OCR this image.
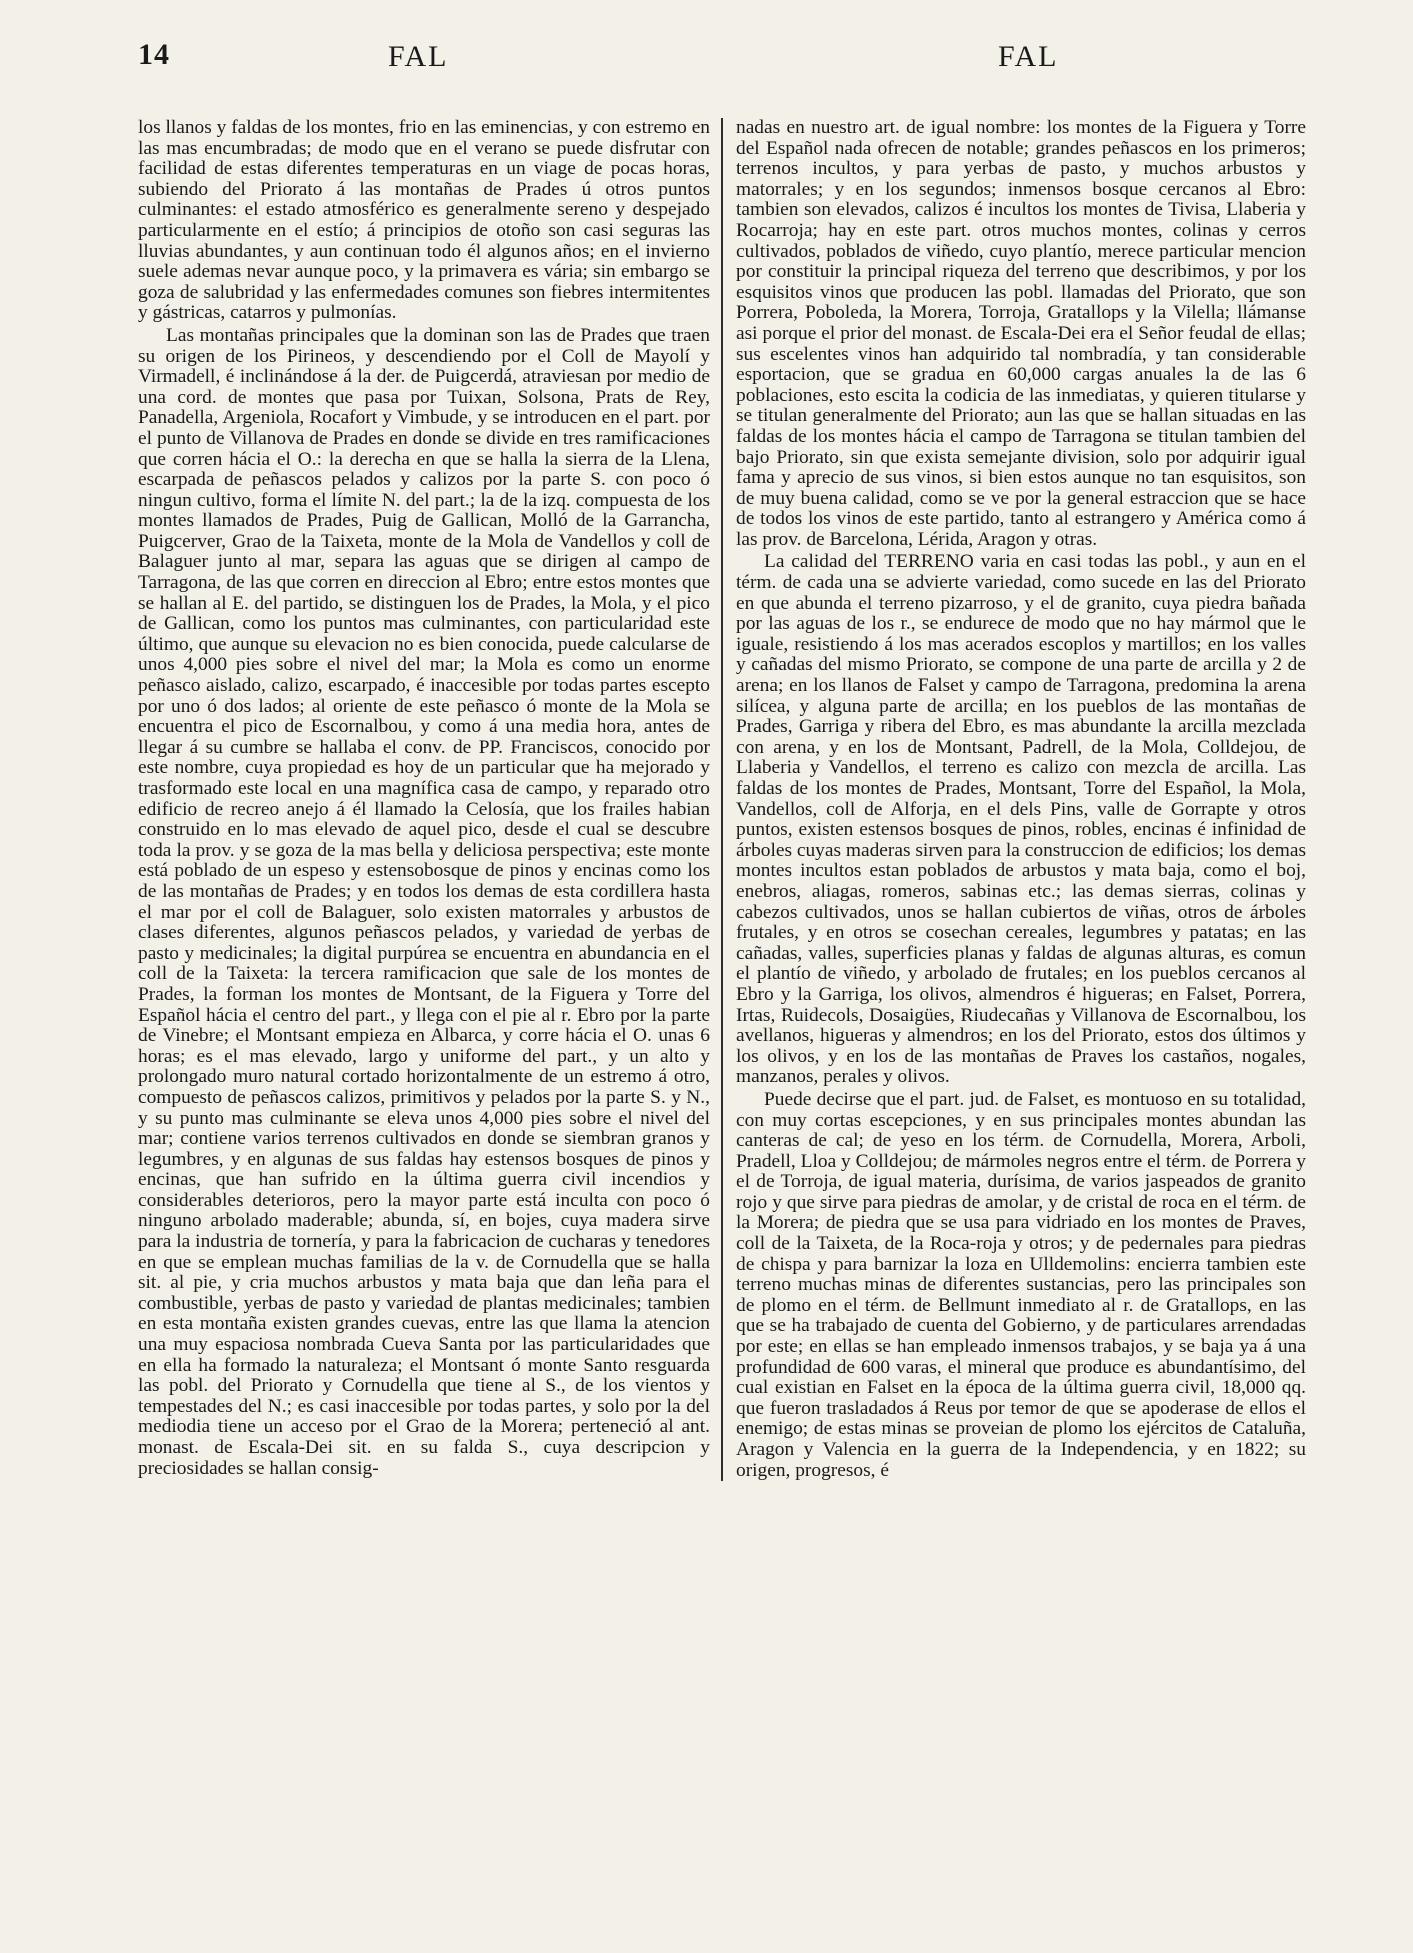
14	FAL	FAL

los llanos y faldas de los montes, frio en las eminencias, y con estremo en las mas encumbradas; de modo que en el verano se puede disfrutar con facilidad de estas diferentes temperaturas en un viage de pocas horas, subiendo del Priorato á las montañas de Prades ú otros puntos culminantes: el estado atmosférico es generalmente sereno y despejado particularmente en el estío; á principios de otoño son casi seguras las lluvias abundantes, y aun continuan todo él algunos años; en el invierno suele ademas nevar aunque poco, y la primavera es vária; sin embargo se goza de salubridad y las enfermedades comunes son fiebres intermitentes y gástricas, catarros y pulmonías.

Las montañas principales que la dominan son las de Prades que traen su origen de los Pirineos, y descendiendo por el Coll de Mayolí y Virmadell, é inclinándose á la der. de Puigcerdá, atraviesan por medio de una cord. de montes que pasa por Tuixan, Solsona, Prats de Rey, Panadella, Argeniola, Rocafort y Vimbude, y se introducen en el part. por el punto de Villanova de Prades en donde se divide en tres ramificaciones que corren hácia el O.: la derecha en que se halla la sierra de la Llena, escarpada de peñascos pelados y calizos por la parte S. con poco ó ningun cultivo, forma el límite N. del part.; la de la izq. compuesta de los montes llamados de Prades, Puig de Gallican, Molló de la Garrancha, Puigcerver, Grao de la Taixeta, monte de la Mola de Vandellos y coll de Balaguer junto al mar, separa las aguas que se dirigen al campo de Tarragona, de las que corren en direccion al Ebro; entre estos montes que se hallan al E. del partido, se distinguen los de Prades, la Mola, y el pico de Gallican, como los puntos mas culminantes, con particularidad este último, que aunque su elevacion no es bien conocida, puede calcularse de unos 4,000 pies sobre el nivel del mar; la Mola es como un enorme peñasco aislado, calizo, escarpado, é inaccesible por todas partes escepto por uno ó dos lados; al oriente de este peñasco ó monte de la Mola se encuentra el pico de Escornalbou, y como á una media hora, antes de llegar á su cumbre se hallaba el conv. de PP. Franciscos, conocido por este nombre, cuya propiedad es hoy de un particular que ha mejorado y trasformado este local en una magnífica casa de campo, y reparado otro edificio de recreo anejo á él llamado la Celosía, que los frailes habian construido en lo mas elevado de aquel pico, desde el cual se descubre toda la prov. y se goza de la mas bella y deliciosa perspectiva; este monte está poblado de un espeso y estensobosque de pinos y encinas como los de las montañas de Prades; y en todos los demas de esta cordillera hasta el mar por el coll de Balaguer, solo existen matorrales y arbustos de clases diferentes, algunos peñascos pelados, y variedad de yerbas de pasto y medicinales; la digital purpúrea se encuentra en abundancia en el coll de la Taixeta: la tercera ramificacion que sale de los montes de Prades, la forman los montes de Montsant, de la Figuera y Torre del Español hácia el centro del part., y llega con el pie al r. Ebro por la parte de Vinebre; el Montsant empieza en Albarca, y corre hácia el O. unas 6 horas; es el mas elevado, largo y uniforme del part., y un alto y prolongado muro natural cortado horizontalmente de un estremo á otro, compuesto de peñascos calizos, primitivos y pelados por la parte S. y N., y su punto mas culminante se eleva unos 4,000 pies sobre el nivel del mar; contiene varios terrenos cultivados en donde se siembran granos y legumbres, y en algunas de sus faldas hay estensos bosques de pinos y encinas, que han sufrido en la última guerra civil incendios y considerables deterioros, pero la mayor parte está inculta con poco ó ninguno arbolado maderable; abunda, sí, en bojes, cuya madera sirve para la industria de tornería, y para la fabricacion de cucharas y tenedores en que se emplean muchas familias de la v. de Cornudella que se halla sit. al pie, y cria muchos arbustos y mata baja que dan leña para el combustible, yerbas de pasto y variedad de plantas medicinales; tambien en esta montaña existen grandes cuevas, entre las que llama la atencion una muy espaciosa nombrada Cueva Santa por las particularidades que en ella ha formado la naturaleza; el Montsant ó monte Santo resguarda las pobl. del Priorato y Cornudella que tiene al S., de los vientos y tempestades del N.; es casi inaccesible por todas partes, y solo por la del mediodia tiene un acceso por el Grao de la Morera; perteneció al ant. monast. de Escala-Dei sit. en su falda S., cuya descripcion y preciosidades se hallan consig-

nadas en nuestro art. de igual nombre: los montes de la Figuera y Torre del Español nada ofrecen de notable; grandes peñascos en los primeros; terrenos incultos, y para yerbas de pasto, y muchos arbustos y matorrales; y en los segundos; inmensos bosque cercanos al Ebro: tambien son elevados, calizos é incultos los montes de Tivisa, Llaberia y Rocarroja; hay en este part. otros muchos montes, colinas y cerros cultivados, poblados de viñedo, cuyo plantío, merece particular mencion por constituir la principal riqueza del terreno que describimos, y por los esquisitos vinos que producen las pobl. llamadas del Priorato, que son Porrera, Poboleda, la Morera, Torroja, Gratallops y la Vilella; llámanse asi porque el prior del monast. de Escala-Dei era el Señor feudal de ellas; sus escelentes vinos han adquirido tal nombradía, y tan considerable esportacion, que se gradua en 60,000 cargas anuales la de las 6 poblaciones, esto escita la codicia de las inmediatas, y quieren titularse y se titulan generalmente del Priorato; aun las que se hallan situadas en las faldas de los montes hácia el campo de Tarragona se titulan tambien del bajo Priorato, sin que exista semejante division, solo por adquirir igual fama y aprecio de sus vinos, si bien estos aunque no tan esquisitos, son de muy buena calidad, como se ve por la general estraccion que se hace de todos los vinos de este partido, tanto al estrangero y América como á las prov. de Barcelona, Lérida, Aragon y otras.

La calidad del TERRENO varia en casi todas las pobl., y aun en el térm. de cada una se advierte variedad, como sucede en las del Priorato en que abunda el terreno pizarroso, y el de granito, cuya piedra bañada por las aguas de los r., se endurece de modo que no hay mármol que le iguale, resistiendo á los mas acerados escoplos y martillos; en los valles y cañadas del mismo Priorato, se compone de una parte de arcilla y 2 de arena; en los llanos de Falset y campo de Tarragona, predomina la arena silícea, y alguna parte de arcilla; en los pueblos de las montañas de Prades, Garriga y ribera del Ebro, es mas abundante la arcilla mezclada con arena, y en los de Montsant, Padrell, de la Mola, Colldejou, de Llaberia y Vandellos, el terreno es calizo con mezcla de arcilla. Las faldas de los montes de Prades, Montsant, Torre del Español, la Mola, Vandellos, coll de Alforja, en el dels Pins, valle de Gorrapte y otros puntos, existen estensos bosques de pinos, robles, encinas é infinidad de árboles cuyas maderas sirven para la construccion de edificios; los demas montes incultos estan poblados de arbustos y mata baja, como el boj, enebros, aliagas, romeros, sabinas etc.; las demas sierras, colinas y cabezos cultivados, unos se hallan cubiertos de viñas, otros de árboles frutales, y en otros se cosechan cereales, legumbres y patatas; en las cañadas, valles, superficies planas y faldas de algunas alturas, es comun el plantío de viñedo, y arbolado de frutales; en los pueblos cercanos al Ebro y la Garriga, los olivos, almendros é higueras; en Falset, Porrera, Irtas, Ruidecols, Dosaigües, Riudecañas y Villanova de Escornalbou, los avellanos, higueras y almendros; en los del Priorato, estos dos últimos y los olivos, y en los de las montañas de Praves los castaños, nogales, manzanos, perales y olivos.

Puede decirse que el part. jud. de Falset, es montuoso en su totalidad, con muy cortas escepciones, y en sus principales montes abundan las canteras de cal; de yeso en los térm. de Cornudella, Morera, Arboli, Pradell, Lloa y Colldejou; de mármoles negros entre el térm. de Porrera y el de Torroja, de igual materia, durísima, de varios jaspeados de granito rojo y que sirve para piedras de amolar, y de cristal de roca en el térm. de la Morera; de piedra que se usa para vidriado en los montes de Praves, coll de la Taixeta, de la Roca-roja y otros; y de pedernales para piedras de chispa y para barnizar la loza en Ulldemolins: encierra tambien este terreno muchas minas de diferentes sustancias, pero las principales son de plomo en el térm. de Bellmunt inmediato al r. de Gratallops, en las que se ha trabajado de cuenta del Gobierno, y de particulares arrendadas por este; en ellas se han empleado inmensos trabajos, y se baja ya á una profundidad de 600 varas, el mineral que produce es abundantísimo, del cual existian en Falset en la época de la última guerra civil, 18,000 qq. que fueron trasladados á Reus por temor de que se apoderase de ellos el enemigo; de estas minas se proveian de plomo los ejércitos de Cataluña, Aragon y Valencia en la guerra de la Independencia, y en 1822; su origen, progresos, é
